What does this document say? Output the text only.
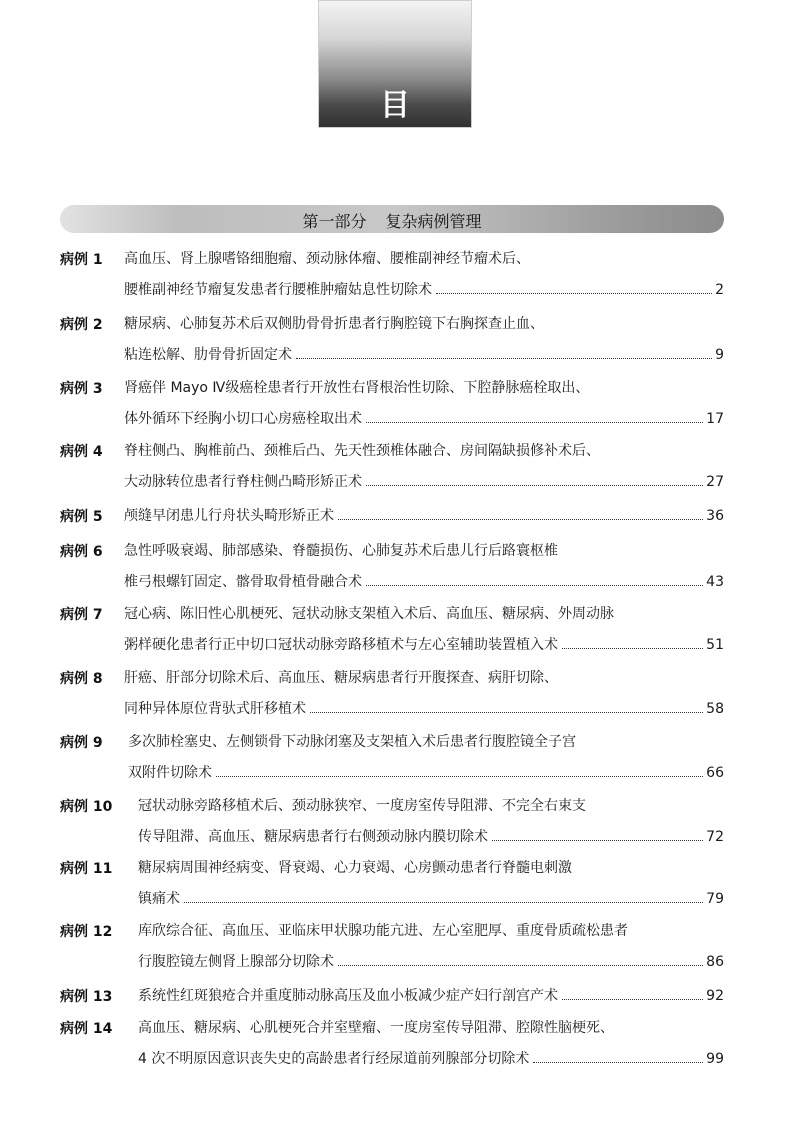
目 录
第一部分 复杂病例管理
病例 1 高血压、肾上腺嗜铬细胞瘤、颈动脉体瘤、腰椎副神经节瘤术后、
腰椎副神经节瘤复发患者行腰椎肿瘤姑息性切除术	2
病例 2 糖尿病、心肺复苏术后双侧肋骨骨折患者行胸腔镜下右胸探查止血、
粘连松解、肋骨骨折固定术	9
病例 3 肾癌伴 Mayo Ⅳ级癌栓患者行开放性右肾根治性切除、下腔静脉癌栓取出、
体外循环下经胸小切口心房癌栓取出术	17
病例 4 脊柱侧凸、胸椎前凸、颈椎后凸、先天性颈椎体融合、房间隔缺损修补术后、
大动脉转位患者行脊柱侧凸畸形矫正术	27
病例 5 颅缝早闭患儿行舟状头畸形矫正术	36
病例 6 急性呼吸衰竭、肺部感染、脊髓损伤、心肺复苏术后患儿行后路寰枢椎
椎弓根螺钉固定、髂骨取骨植骨融合术	43
病例 7 冠心病、陈旧性心肌梗死、冠状动脉支架植入术后、高血压、糖尿病、外周动脉
粥样硬化患者行正中切口冠状动脉旁路移植术与左心室辅助装置植入术	51
病例 8 肝癌、肝部分切除术后、高血压、糖尿病患者行开腹探查、病肝切除、
同种异体原位背驮式肝移植术	58
病例 9 多次肺栓塞史、左侧锁骨下动脉闭塞及支架植入术后患者行腹腔镜全子宫
双附件切除术	66
病例 10 冠状动脉旁路移植术后、颈动脉狭窄、一度房室传导阻滞、不完全右束支
传导阻滞、高血压、糖尿病患者行右侧颈动脉内膜切除术	72
病例 11 糖尿病周围神经病变、肾衰竭、心力衰竭、心房颤动患者行脊髓电刺激
镇痛术	79
病例 12 库欣综合征、高血压、亚临床甲状腺功能亢进、左心室肥厚、重度骨质疏松患者
行腹腔镜左侧肾上腺部分切除术	86
病例 13 系统性红斑狼疮合并重度肺动脉高压及血小板减少症产妇行剖宫产术	92
病例 14 高血压、糖尿病、心肌梗死合并室壁瘤、一度房室传导阻滞、腔隙性脑梗死、
4 次不明原因意识丧失史的高龄患者行经尿道前列腺部分切除术	99
